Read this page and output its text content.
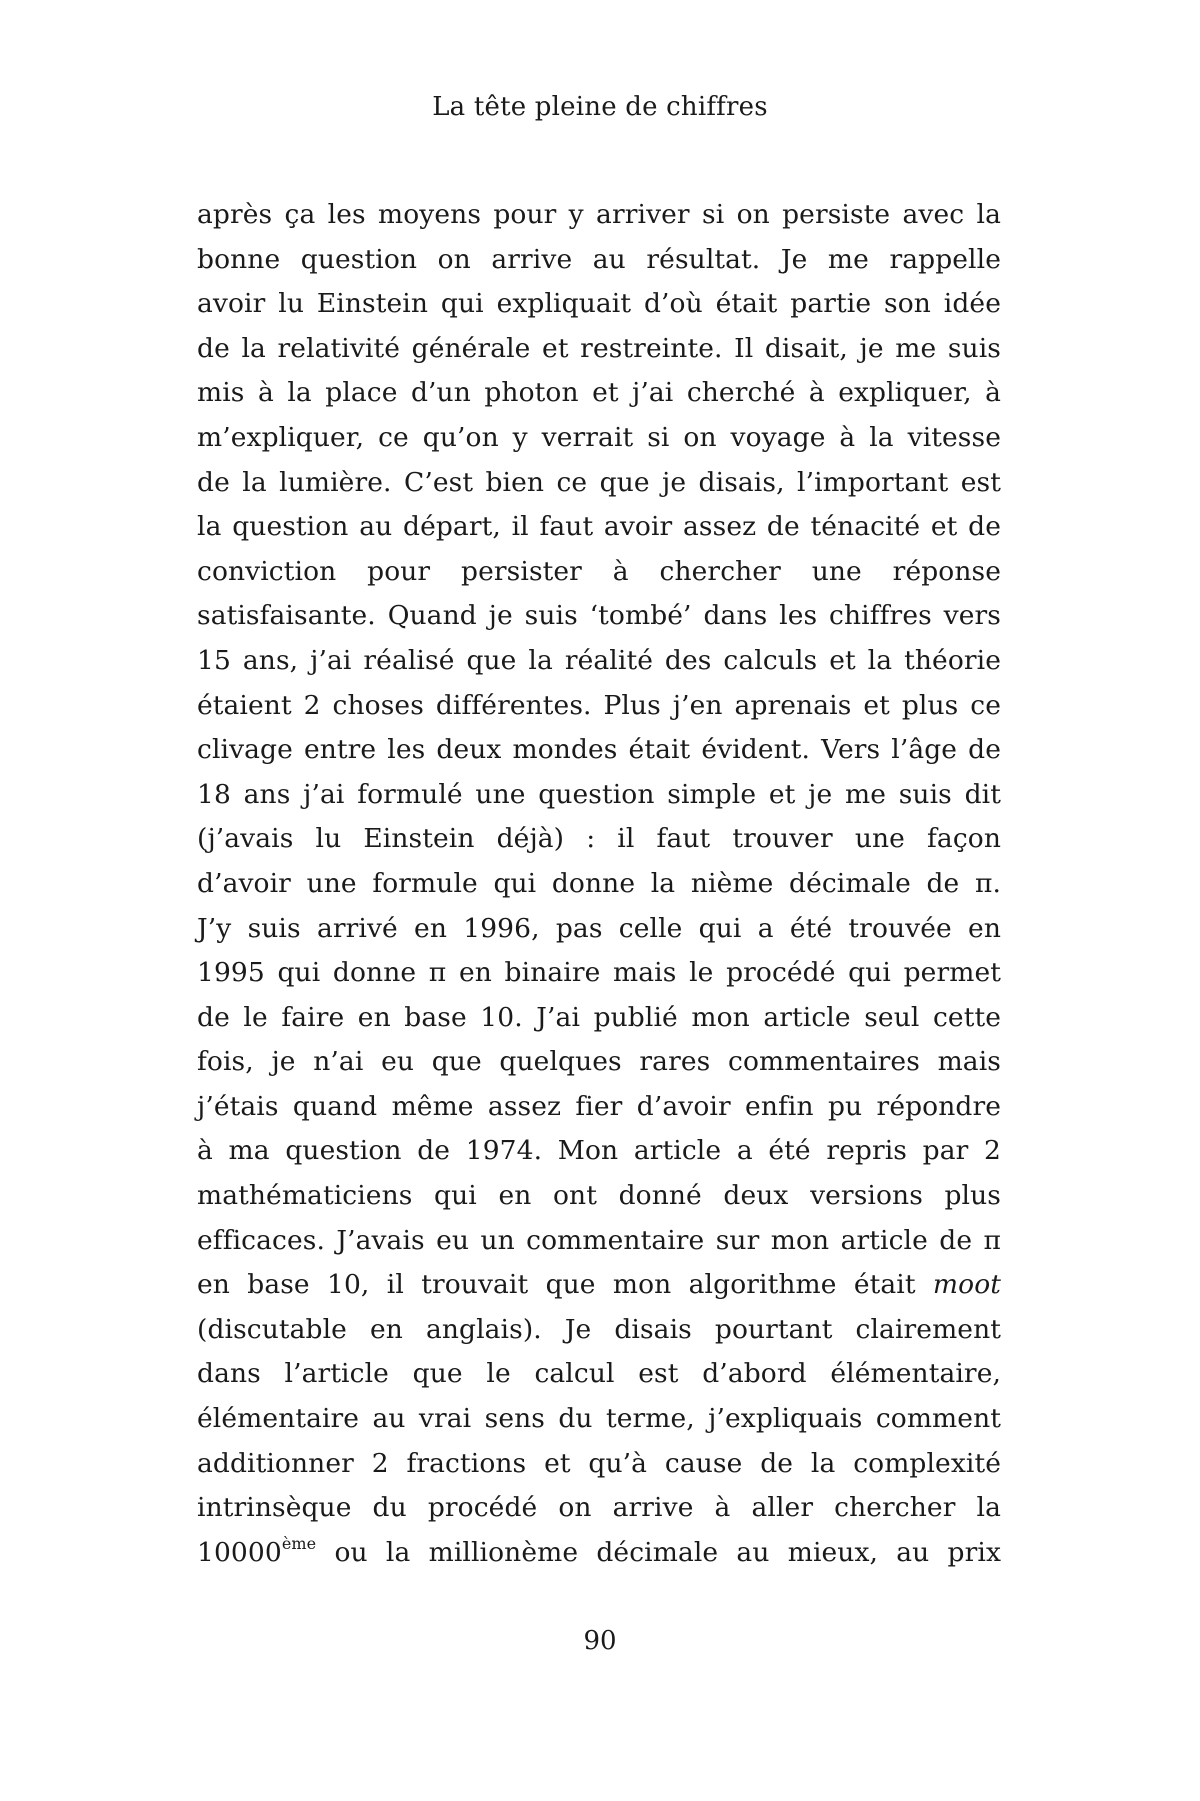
La tête pleine de chiffres
après ça les moyens pour y arriver si on persiste avec la
bonne question on arrive au résultat. Je me rappelle
avoir lu Einstein qui expliquait d’où était partie son idée
de la relativité générale et restreinte. Il disait, je me suis
mis à la place d’un photon et j’ai cherché à expliquer, à
m’expliquer, ce qu’on y verrait si on voyage à la vitesse
de la lumière. C’est bien ce que je disais, l’important est
la question au départ, il faut avoir assez de ténacité et de
conviction pour persister à chercher une réponse
satisfaisante. Quand je suis ‘tombé’ dans les chiffres vers
15 ans, j’ai réalisé que la réalité des calculs et la théorie
étaient 2 choses différentes. Plus j’en aprenais et plus ce
clivage entre les deux mondes était évident. Vers l’âge de
18 ans j’ai formulé une question simple et je me suis dit
(j’avais lu Einstein déjà) : il faut trouver une façon
d’avoir une formule qui donne la nième décimale de π.
J’y suis arrivé en 1996, pas celle qui a été trouvée en
1995 qui donne π en binaire mais le procédé qui permet
de le faire en base 10. J’ai publié mon article seul cette
fois, je n’ai eu que quelques rares commentaires mais
j’étais quand même assez fier d’avoir enfin pu répondre
à ma question de 1974. Mon article a été repris par 2
mathématiciens qui en ont donné deux versions plus
efficaces. J’avais eu un commentaire sur mon article de π
en base 10, il trouvait que mon algorithme était moot
(discutable en anglais). Je disais pourtant clairement
dans l’article que le calcul est d’abord élémentaire,
élémentaire au vrai sens du terme, j’expliquais comment
additionner 2 fractions et qu’à cause de la complexité
intrinsèque du procédé on arrive à aller chercher la
10000ème ou la millionème décimale au mieux, au prix
90
